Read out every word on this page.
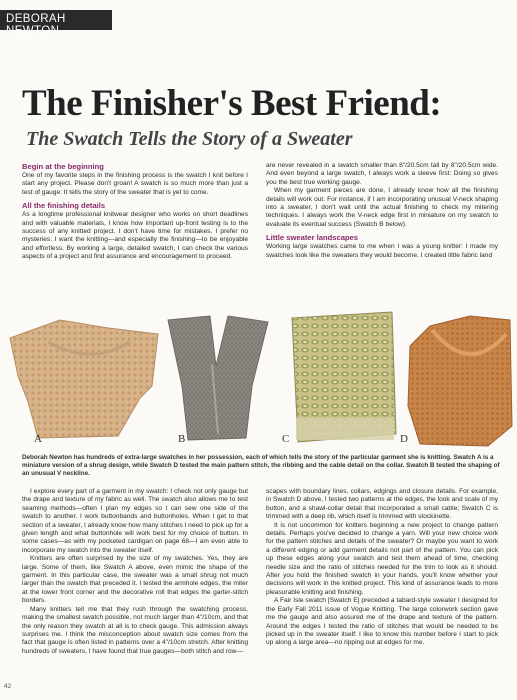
DEBORAH NEWTON
The Finisher's Best Friend:
The Swatch Tells the Story of a Sweater
Begin at the beginning

One of my favorite steps in the finishing process is the swatch I knit before I start any project. Please don't groan! A swatch is so much more than just a test of gauge: It tells the story of the sweater that is yet to come.

All the finishing details

As a longtime professional knitwear designer who works on short deadlines and with valuable materials, I know how important up-front testing is to the success of any knitted project. I don't have time for mistakes. I prefer no mysteries: I want the knitting—and especially the finishing—to be enjoyable and effortless. By working a large, detailed swatch, I can check the various aspects of a project and find assurance and encouragement to proceed.

are never revealed in a swatch smaller than 8"/20.5cm tall by 8"/20.5cm wide. And even beyond a large swatch, I always work a sleeve first: Doing so gives you the best true working gauge.

When my garment pieces are done, I already know how all the finishing details will work out. For instance, if I am incorporating unusual V-neck shaping into a sweater, I don't wait until the actual finishing to check my mitering techniques. I always work the V-neck edge first in miniature on my swatch to evaluate its eventual success (Swatch B below).

Little sweater landscapes

Working large swatches came to me when I was a young knitter: I made my swatches look like the sweaters they would become. I created little fabric land

A	B	C	D

Deborah Newton has hundreds of extra-large swatches in her possession, each of which tells the story of the particular garment she is knitting. Swatch A is a miniature version of a shrug design, while Swatch D tested the main pattern stitch, the ribbing and the cable detail on the collar. Swatch B tested the shaping of an unusual V neckline.

I explore every part of a garment in my swatch: I check not only gauge but the drape and texture of my fabric as well. The swatch also allows me to test seaming methods—often I plan my edges so I can sew one side of the swatch to another. I work buttonbands and buttonholes. When I get to that section of a sweater, I already know how many stitches I need to pick up for a given length and what buttonhole will work best for my choice of button. In some cases—as with my pocketed cardigan on page 68—I am even able to incorporate my swatch into the sweater itself.

Knitters are often surprised by the size of my swatches. Yes, they are large. Some of them, like Swatch A above, even mimic the shape of the garment. In this particular case, the sweater was a small shrug not much larger than the swatch that preceded it. I tested the armhole edges, the miter at the lower front corner and the decorative roll that edges the garter-stitch borders.

Many knitters tell me that they rush through the swatching process, making the smallest swatch possible, not much larger than 4"/10cm, and that the only reason they swatch at all is to check gauge. This admission always surprises me. I think the misconception about swatch size comes from the fact that gauge is often listed in patterns over a 4"/10cm stretch. After knitting hundreds of sweaters, I have found that true gauges—both stitch and row—

scapes with boundary lines, collars, edgings and closure details. For example, in Swatch D above, I tested two patterns at the edges, the look and scale of my button, and a shawl-collar detail that incorporated a small cable; Swatch C is trimmed with a deep rib, which itself is trimmed with stockinette.

It is not uncommon for knitters beginning a new project to change pattern details. Perhaps you've decided to change a yarn. Will your new choice work for the pattern stitches and details of the sweater? Or maybe you want to work a different edging or add garment details not part of the pattern. You can pick up these edges along your swatch and test them ahead of time, checking needle size and the ratio of stitches needed for the trim to look as it should. After you hold the finished swatch in your hands, you'll know whether your decisions will work in the knitted project. This kind of assurance leads to more pleasurable knitting and finishing.

A Fair Isle swatch [Swatch E] preceded a tabard-style sweater I designed for the Early Fall 2011 issue of Vogue Knitting. The large colorwork section gave me the gauge and also assured me of the drape and texture of the pattern. Around the edges I tested the ratio of stitches that would be needed to be picked up in the sweater itself: I like to know this number before I start to pick up along a large area—no ripping out at edges for me.

42
